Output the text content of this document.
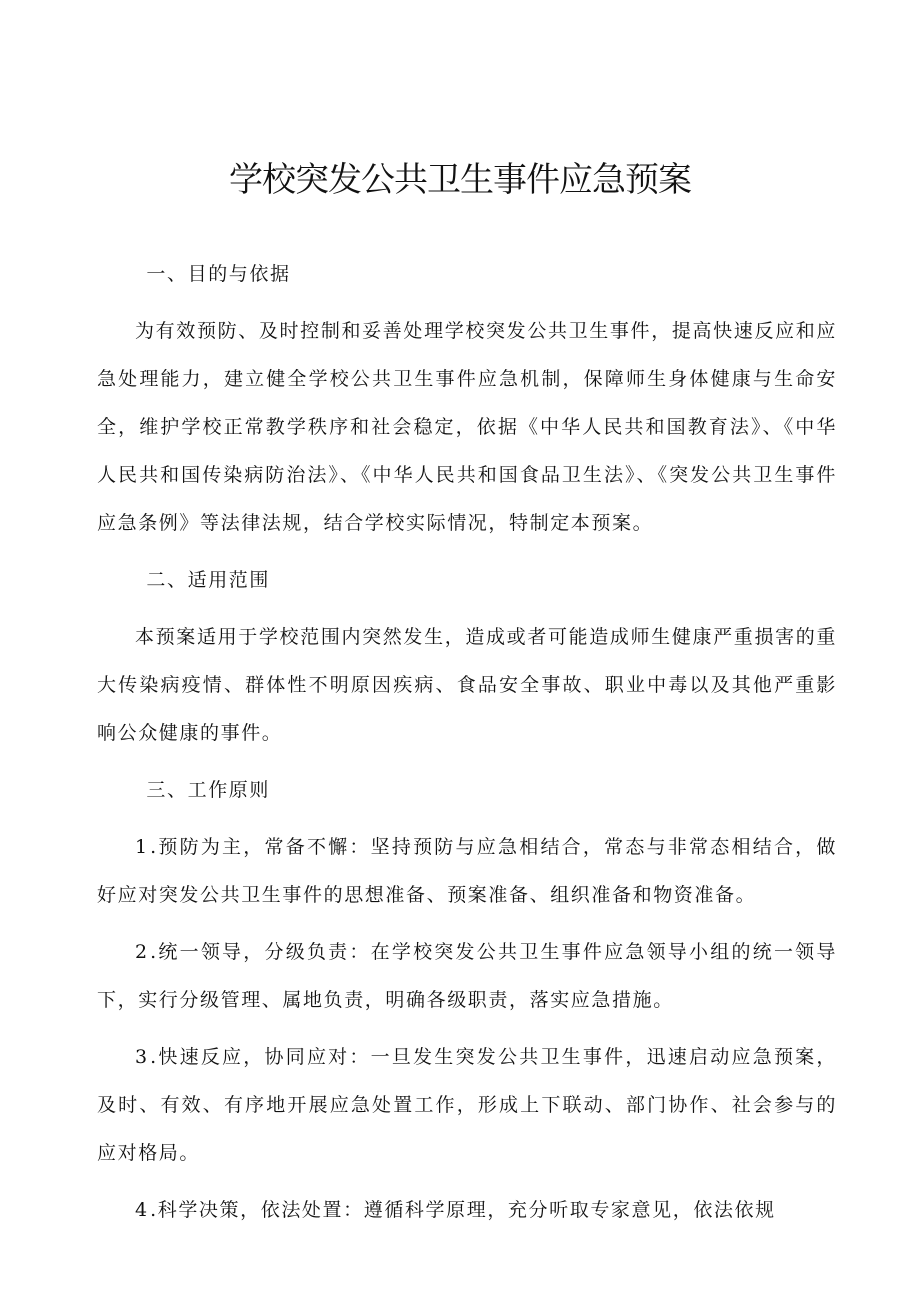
学校突发公共卫生事件应急预案

一、目的与依据

为有效预防、及时控制和妥善处理学校突发公共卫生事件，提高快速反应和应急处理能力，建立健全学校公共卫生事件应急机制，保障师生身体健康与生命安全，维护学校正常教学秩序和社会稳定，依据《中华人民共和国教育法》、《中华人民共和国传染病防治法》、《中华人民共和国食品卫生法》、《突发公共卫生事件应急条例》等法律法规，结合学校实际情况，特制定本预案。

二、适用范围

本预案适用于学校范围内突然发生，造成或者可能造成师生健康严重损害的重大传染病疫情、群体性不明原因疾病、食品安全事故、职业中毒以及其他严重影响公众健康的事件。

三、工作原则

1.预防为主，常备不懈：坚持预防与应急相结合，常态与非常态相结合，做好应对突发公共卫生事件的思想准备、预案准备、组织准备和物资准备。

2.统一领导，分级负责：在学校突发公共卫生事件应急领导小组的统一领导下，实行分级管理、属地负责，明确各级职责，落实应急措施。

3.快速反应，协同应对：一旦发生突发公共卫生事件，迅速启动应急预案，及时、有效、有序地开展应急处置工作，形成上下联动、部门协作、社会参与的应对格局。

4.科学决策，依法处置：遵循科学原理，充分听取专家意见，依法依规
